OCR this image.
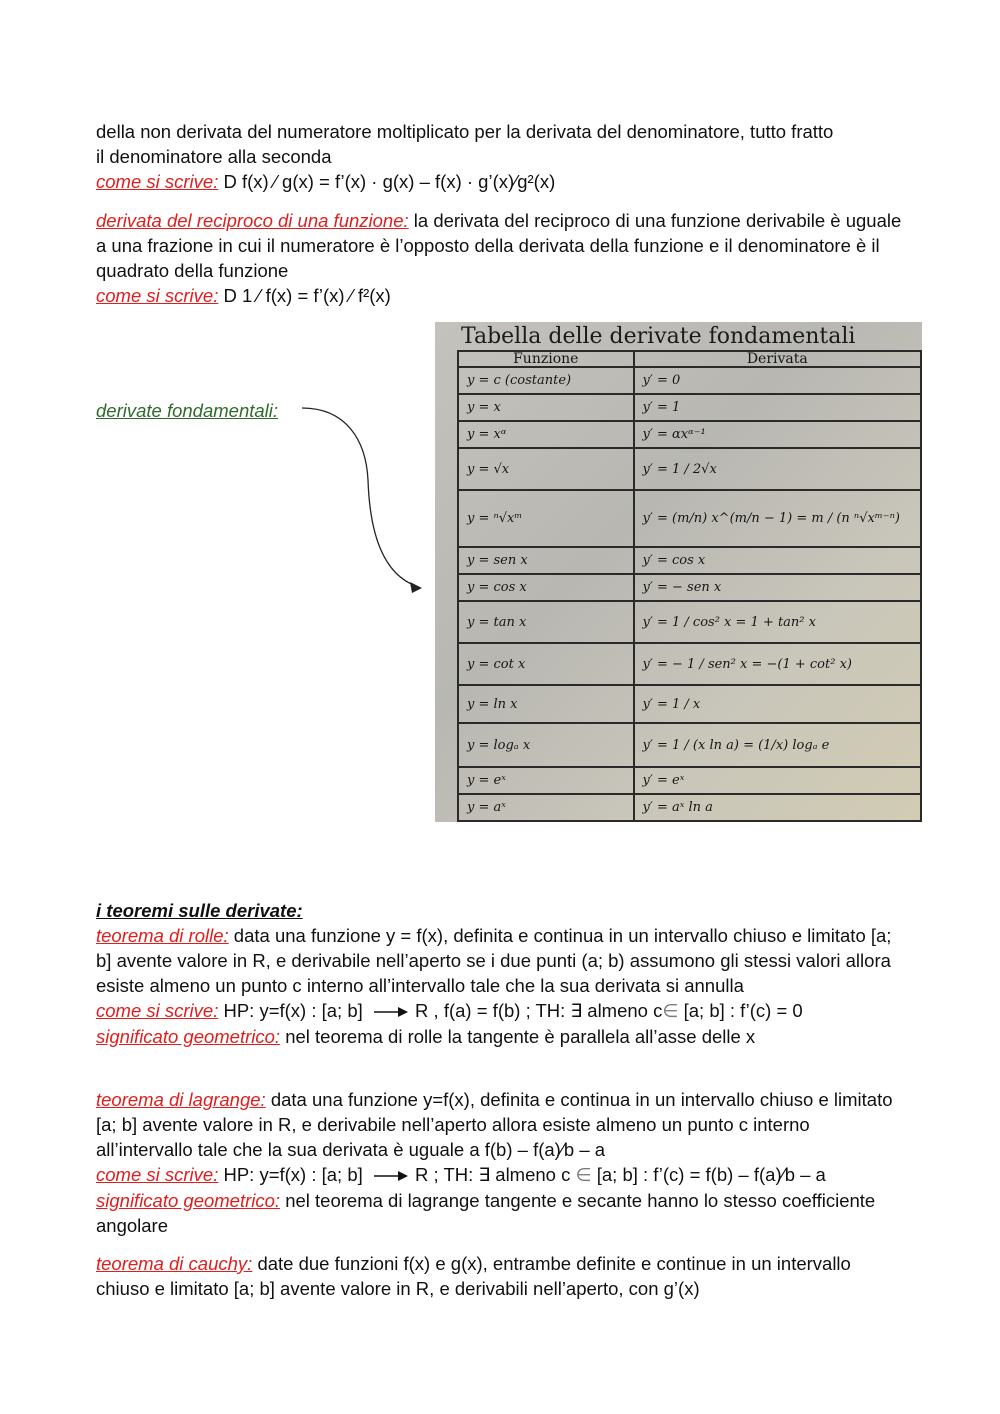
della non derivata del numeratore moltiplicato per la derivata del denominatore, tutto fratto
il denominatore alla seconda
come si scrive: D f(x) ⁄ g(x) = f’(x) · g(x) – f(x) · g’(x)⁄g²(x)
derivata del reciproco di una funzione: la derivata del reciproco di una funzione derivabile è uguale a una frazione in cui il numeratore è l’opposto della derivata della funzione e il denominatore è il quadrato della funzione
come si scrive: D 1 ⁄ f(x) = f’(x) ⁄ f²(x)
derivate fondamentali:
Tabella delle derivate fondamentali
Funzione	Derivata
y = c (costante)	y′ = 0
y = x	y′ = 1
y = xᵅ	y′ = αxᵅ⁻¹
y = √x	y′ = 1 / 2√x
y = ⁿ√xᵐ	y′ = (m/n) x^(m/n − 1) = m / (n ⁿ√xᵐ⁻ⁿ)
y = sen x	y′ = cos x
y = cos x	y′ = − sen x
y = tan x	y′ = 1 / cos² x = 1 + tan² x
y = cot x	y′ = − 1 / sen² x = −(1 + cot² x)
y = ln x	y′ = 1 / x
y = logₐ x	y′ = 1 / (x ln a) = (1/x) logₐ e
y = eˣ	y′ = eˣ
y = aˣ	y′ = aˣ ln a
i teoremi sulle derivate:
teorema di rolle: data una funzione y = f(x), definita e continua in un intervallo chiuso e limitato [a; b] avente valore in R, e derivabile nell’aperto se i due punti (a; b) assumono gli stessi valori allora esiste almeno un punto c interno all’intervallo tale che la sua derivata si annulla
come si scrive: HP: y=f(x) : [a; b]  R , f(a) = f(b) ; TH: ∃ almeno c∈ [a; b] : f’(c) = 0
significato geometrico: nel teorema di rolle la tangente è parallela all’asse delle x
teorema di lagrange: data una funzione y=f(x), definita e continua in un intervallo chiuso e limitato [a; b] avente valore in R, e derivabile nell’aperto allora esiste almeno un punto c interno all’intervallo tale che la sua derivata è uguale a f(b) – f(a)⁄b – a
come si scrive: HP: y=f(x) : [a; b]  R ; TH: ∃ almeno c ∈ [a; b] : f’(c) = f(b) – f(a)⁄b – a
significato geometrico: nel teorema di lagrange tangente e secante hanno lo stesso coefficiente angolare
teorema di cauchy: date due funzioni f(x) e g(x), entrambe definite e continue in un intervallo chiuso e limitato [a; b] avente valore in R, e derivabili nell’aperto, con g’(x)
